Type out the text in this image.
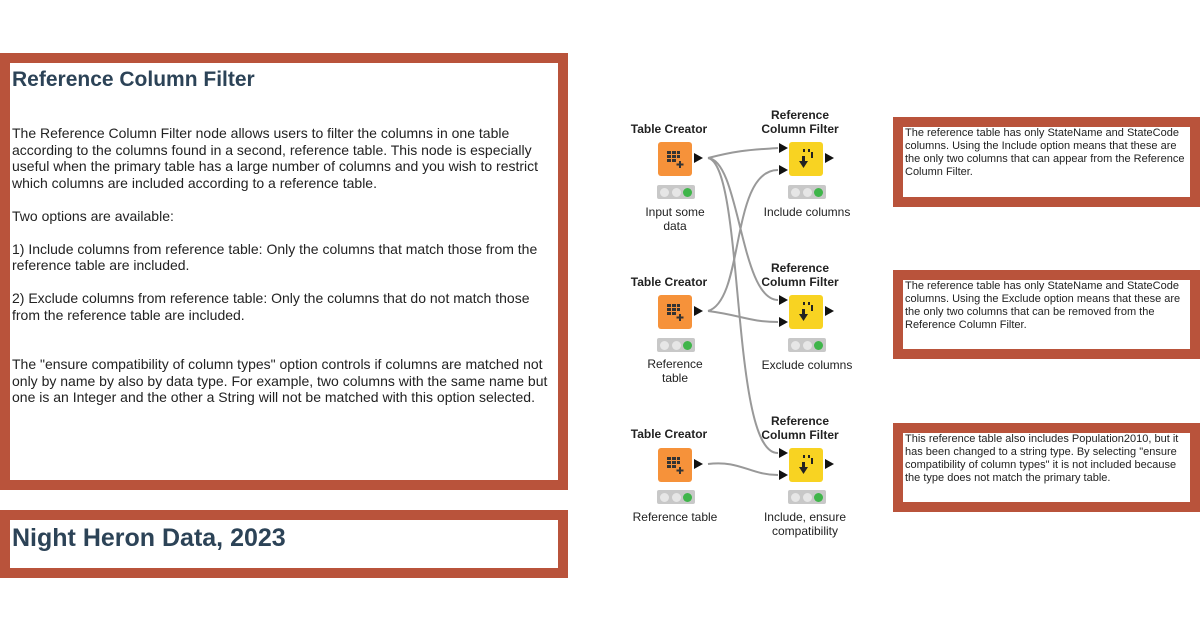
Reference Column Filter

The Reference Column Filter node allows users to filter the columns in one table according to the columns found in a second, reference table. This node is especially useful when the primary table has a large number of columns and you wish to restrict which columns are included according to a reference table.

Two options are available:

1) Include columns from reference table: Only the columns that match those from the reference table are included.

2) Exclude columns from reference table: Only the columns that do not match those from the reference table are included.

The "ensure compatibility of column types" option controls if columns are matched not only by name by also by data type. For example, two columns with the same name but one is an Integer and the other a String will not be matched with this option selected.

Night Heron Data, 2023

The reference table has only StateName and StateCode columns. Using the Include option means that these are the only two columns that can appear from the Reference Column Filter.

The reference table has only StateName and StateCode columns. Using the Exclude option means that these are the only two columns that can be removed from the Reference Column Filter.

This reference table also includes Population2010, but it has been changed to a string type. By selecting "ensure compatibility of column types" it is not included because the type does not match the primary table.

Table Creator
Input some data
Table Creator
Reference table
Table Creator
Reference table
Reference Column Filter
Include columns
Reference Column Filter
Exclude columns
Reference Column Filter
Include, ensure compatibility
